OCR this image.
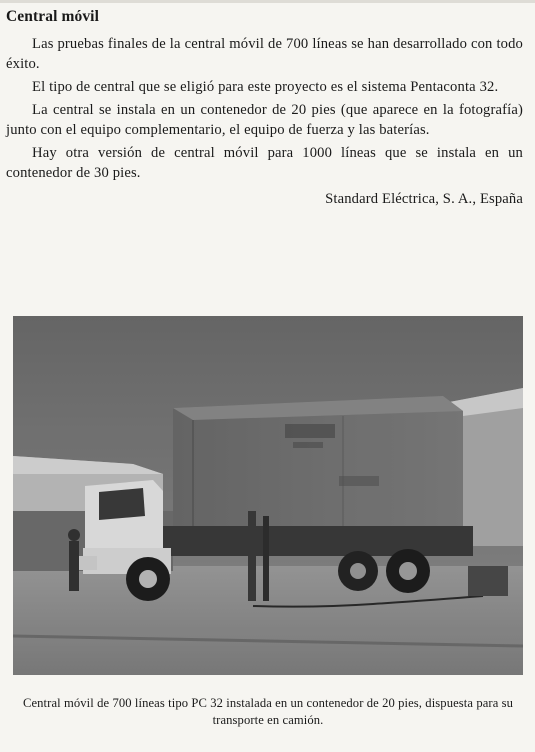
Central móvil

Las pruebas finales de la central móvil de 700 líneas se han desarrollado con todo éxito.

El tipo de central que se eligió para este proyecto es el sistema Pentaconta 32.

La central se instala en un contenedor de 20 pies (que aparece en la fotografía) junto con el equipo complementario, el equipo de fuerza y las baterías.

Hay otra versión de central móvil para 1000 líneas que se instala en un contenedor de 30 pies.

Standard Eléctrica, S. A., España
Central móvil de 700 líneas tipo PC 32 instalada en un contenedor de 20 pies, dispuesta para su transporte en camión.
